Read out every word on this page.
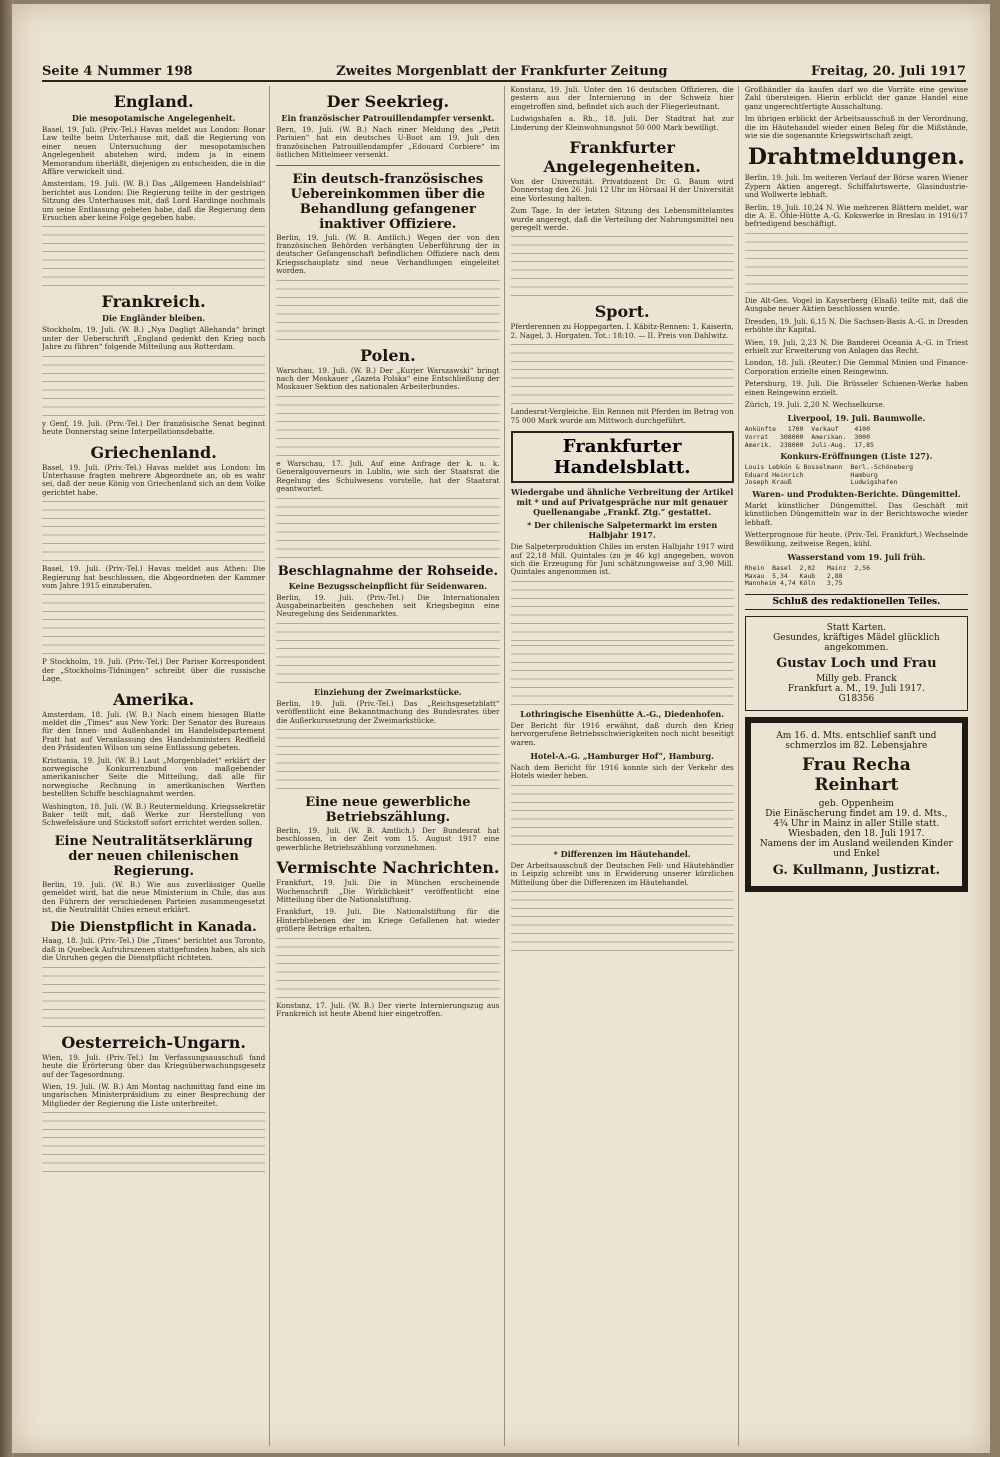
Seite 4 Nummer 198	Zweites Morgenblatt der Frankfurter Zeitung	Freitag, 20. Juli 1917
England.
Die mesopotamische Angelegenheit.

Basel, 19. Juli. (Priv.-Tel.) Havas meldet aus London: Bonar Law teilte beim Unterhause mit, daß die Regierung von einer neuen Untersuchung der mesopotamischen Angelegenheit abstehen wird, indem ja in einem Memorandum überläßt, diejenigen zu entscheiden, die in die Affäre verwickelt sind.

Amsterdam, 19. Juli. (W. B.) Das „Allgemeen Handelsblad“ berichtet aus London: Die Regierung teilte in der gestrigen Sitzung des Unterhauses mit, daß Lord Hardinge nochmals um seine Entlassung gebeten habe, daß die Regierung dem Ersuchen aber keine Folge gegeben habe.

Frankreich.
Die Engländer bleiben.

Stockholm, 19. Juli. (W. B.) „Nya Dagligt Allehanda“ bringt unter der Ueberschrift „England gedenkt den Krieg noch Jahre zu führen“ folgende Mitteilung aus Rotterdam.

y Genf, 19. Juli. (Priv.-Tel.) Der französische Senat beginnt heute Donnerstag seine Interpellationsdebatte.

Griechenland.

Basel, 19. Juli. (Priv.-Tel.) Havas meldet aus London: Im Unterhause fragten mehrere Abgeordnete an, ob es wahr sei, daß der neue König von Griechenland sich an dem Volke gerichtet habe.

Basel, 19. Juli. (Priv.-Tel.) Havas meldet aus Athen: Die Regierung hat beschlossen, die Abgeordneten der Kammer vom Jahre 1915 einzuberufen.

P Stockholm, 19. Juli. (Priv.-Tel.) Der Pariser Korrespondent der „Stockholms-Tidningen“ schreibt über die russische Lage.

Amerika.

Amsterdam, 18. Juli. (W. B.) Nach einem hiesigen Blatte meldet die „Times“ aus New York: Der Senator des Bureaus für den Innen- und Außenhandel im Handelsdepartement Pratt hat auf Veranlassung des Handelsministers Redfield den Präsidenten Wilson um seine Entlassung gebeten.

Kristiania, 19. Juli. (W. B.) Laut „Morgenbladet“ erklärt der norwegische Konkurrenzbund von maßgebender amerikanischer Seite die Mitteilung, daß alle für norwegische Rechnung in amerikanischen Werften bestellten Schiffe beschlagnahmt werden.

Washington, 18. Juli. (W. B.) Reutermeldung. Kriegssekretär Baker teilt mit, daß Werke zur Herstellung von Schwefelsäure und Stickstoff sofort errichtet werden sollen.

Eine Neutralitätserklärung der neuen chilenischen Regierung.

Berlin, 19. Juli. (W. B.) Wie aus zuverlässiger Quelle gemeldet wird, hat die neue Ministerium in Chile, das aus den Führern der verschiedenen Parteien zusammengesetzt ist, die Neutralität Chiles erneut erklärt.

Die Dienstpflicht in Kanada.

Haag, 18. Juli. (Priv.-Tel.) Die „Times“ berichtet aus Toronto, daß in Quebeck Aufruhrszenen stattgefunden haben, als sich die Unruhen gegen die Dienstpflicht richteten.

Oesterreich-Ungarn.

Wien, 19. Juli. (Priv.-Tel.) Im Verfassungsausschuß fand heute die Erörterung über das Kriegsüberwachungsgesetz auf der Tagesordnung.

Wien, 19. Juli. (W. B.) Am Montag nachmittag fand eine im ungarischen Ministerpräsidium zu einer Besprechung der Mitglieder der Regierung die Liste unterbreitet.

Der Seekrieg.
Ein französischer Patrouillendampfer versenkt.

Bern, 19. Juli. (W. B.) Nach einer Meldung des „Petit Parisien“ hat ein deutsches U-Boot am 19. Juli den französischen Patrouillendampfer „Edouard Corbiere“ im östlichen Mittelmeer versenkt.

Ein deutsch-französisches Uebereinkommen über die Behandlung gefangener inaktiver Offiziere.

Berlin, 19. Juli. (W. B. Amtlich.) Wegen der von den französischen Behörden verhängten Ueberführung der in deutscher Gefangenschaft befindlichen Offiziere nach dem Kriegsschauplatz sind neue Verhandlungen eingeleitet worden.

Polen.

Warschau, 19. Juli. (W. B.) Der „Kurjer Warszawski“ bringt nach der Moskauer „Gazeta Polska“ eine Entschließung der Moskauer Sektion des nationalen Arbeiterbundes.

e Warschau, 17. Juli. Auf eine Anfrage der k. u. k. Generalgouverneurs in Lublin, wie sich der Staatsrat die Regelung des Schulwesens vorstelle, hat der Staatsrat geantwortet.

Beschlagnahme der Rohseide.
Keine Bezugsscheinpflicht für Seidenwaren.

Berlin, 19. Juli. (Priv.-Tel.) Die Internationalen Ausgabeinarbeiten geschehen seit Kriegsbeginn eine Neuregelung des Seidenmarktes.

Einziehung der Zweimarkstücke.

Berlin, 19. Juli. (Priv.-Tel.) Das „Reichsgesetzblatt“ veröffentlicht eine Bekanntmachung des Bundesrates über die Außerkurssetzung der Zweimarkstücke.

Eine neue gewerbliche Betriebszählung.

Berlin, 19. Juli. (W. B. Amtlich.) Der Bundesrat hat beschlossen, in der Zeit vom 15. August 1917 eine gewerbliche Betriebszählung vorzunehmen.

Vermischte Nachrichten.

Frankfurt, 19. Juli. Die in München erscheinende Wochenschrift „Die Wirklichkeit“ veröffentlicht eine Mitteilung über die Nationalstiftung.

Frankfurt, 19. Juli. Die Nationalstiftung für die Hinterbliebenen der im Kriege Gefallenen hat wieder größere Beträge erhalten.

Konstanz, 17. Juli. (W. B.) Der vierte Internierungszug aus Frankreich ist heute Abend hier eingetroffen.

Konstanz, 19. Juli. Unter den 16 deutschen Offizieren, die gestern aus der Internierung in der Schweiz hier eingetroffen sind, befindet sich auch der Fliegerleutnant.

Ludwigshafen a. Rh., 18. Juli. Der Stadtrat hat zur Linderung der Kleinwohnungsnot 50 000 Mark bewilligt.

Frankfurter Angelegenheiten.

Von der Universität. Privatdozent Dr. G. Baum wird Donnerstag den 26. Juli 12 Uhr im Hörsaal H der Universität eine Vorlesung halten.

Zum Tage. In der letzten Sitzung des Lebensmittelamtes wurde angeregt, daß die Verteilung der Nahrungsmittel neu geregelt werde.

Sport.

Pferderennen zu Hoppegarten. I. Käbitz-Rennen: 1. Kaiserin, 2. Nagel, 3. Horgaten. Tot.: 18:10. — II. Preis von Dahlwitz.

Landesrat-Vergleiche. Ein Rennen mit Pferden im Betrag von 75 000 Mark wurde am Mittwoch durchgeführt.

Frankfurter Handelsblatt.
Wiedergabe und ähnliche Verbreitung der Artikel mit * und auf Privatgespräche nur mit genauer Quellenangabe „Frankf. Ztg.“ gestattet.
* Der chilenische Salpetermarkt im ersten Halbjahr 1917.

Die Salpeterproduktion Chiles im ersten Halbjahr 1917 wird auf 22,18 Mill. Quintales (zu je 46 kg) angegeben, wovon sich die Erzeugung für Juni schätzungsweise auf 3,90 Mill. Quintales angenommen ist.

Lothringische Eisenhütte A.-G., Diedenhofen.

Der Bericht für 1916 erwähnt, daß durch den Krieg hervorgerufene Betriebsschwierigkeiten noch nicht beseitigt waren.

Hotel-A.-G. „Hamburger Hof“, Hamburg.

Nach dem Bericht für 1916 konnte sich der Verkehr des Hotels wieder heben.

* Differenzen im Häutehandel.

Der Arbeitsausschuß der Deutschen Fell- und Häutehändler in Leipzig schreibt uns in Erwiderung unserer kürzlichen Mitteilung über die Differenzen im Häutehandel.

Großhändler da kaufen darf wo die Vorräte eine gewisse Zahl übersteigen. Hierin erblickt der ganze Handel eine ganz ungerechtfertigte Ausschaltung.

Im übrigen erblickt der Arbeitsausschuß in der Verordnung, die im Häutehandel wieder einen Beleg für die Mißstände, wie sie die sogenannte Kriegswirtschaft zeigt.

Drahtmeldungen.

Berlin, 19. Juli. Im weiteren Verlauf der Börse waren Wiener Zypern Aktien angeregt. Schiffahrtswerte, Glasindustrie- und Wollwerte lebhaft.

Berlin, 19. Juli. 10,24 N. Wie mehreren Blättern meldet, war die A. E. Öhle-Hütte A.-G. Kokswerke in Breslau in 1916/17 befriedigend beschäftigt.

Die Alt-Ges. Vogel in Kayserberg (Elsaß) teilte mit, daß die Ausgabe neuer Aktien beschlossen wurde.

Dresden, 19. Juli. 6,15 N. Die Sachsen-Basis A.-G. in Dresden erhöhte ihr Kapital.

Wien, 19. Juli, 2,23 N. Die Banderei Oceania A.-G. in Triest erhielt zur Erweiterung von Anlagen das Recht.

London, 18. Juli. (Reuter.) Die Gemmal Minien und Finance-Corporation erzielte einen Reingewinn.

Petersburg, 19. Juli. Die Brüsseler Schienen-Werke haben einen Reingewinn erzielt.

Zürich, 19. Juli. 2,20 N. Wechselkurse.

Liverpool, 19. Juli. Baumwolle.
Ankünfte   1700  Verkauf    4100
Vorrat   308000  Amerikan.  3000
Amerik.  238000  Juli-Aug.  17,85
Konkurs-Eröffnungen (Liste 127).
Louis Lebkün & Bosselmann  Berl.-Schöneberg
Eduard Heinrich            Hamburg
Joseph Krauß               Ludwigshafen
Waren- und Produkten-Berichte. Düngemittel.

Markt künstlicher Düngemittel. Das Geschäft mit künstlichen Düngemitteln war in der Berichtswoche wieder lebhaft.

Wetterprognose für heute. (Priv.-Tel. Frankfurt.) Wechselnde Bewölkung, zeitweise Regen, kühl.

Wasserstand vom 19. Juli früh.
Rhein  Basel  2,02   Mainz  2,56
Maxau  5,34   Kaub   2,88
Mannheim 4,74 Köln   3,75
Schluß des redaktionellen Teiles.
Statt Karten.
Gesundes, kräftiges Mädel glücklich angekommen.
Gustav Loch und Frau
Milly geb. Franck
Frankfurt a. M., 19. Juli 1917.
G18356
Am 16. d. Mts. entschlief sanft und schmerzlos im 82. Lebensjahre
Frau Recha Reinhart
geb. Oppenheim
Die Einäscherung findet am 19. d. Mts., 4¾ Uhr in Mainz in aller Stille statt.
Wiesbaden, den 18. Juli 1917.
Namens der im Ausland weilenden Kinder und Enkel
G. Kullmann, Justizrat.
